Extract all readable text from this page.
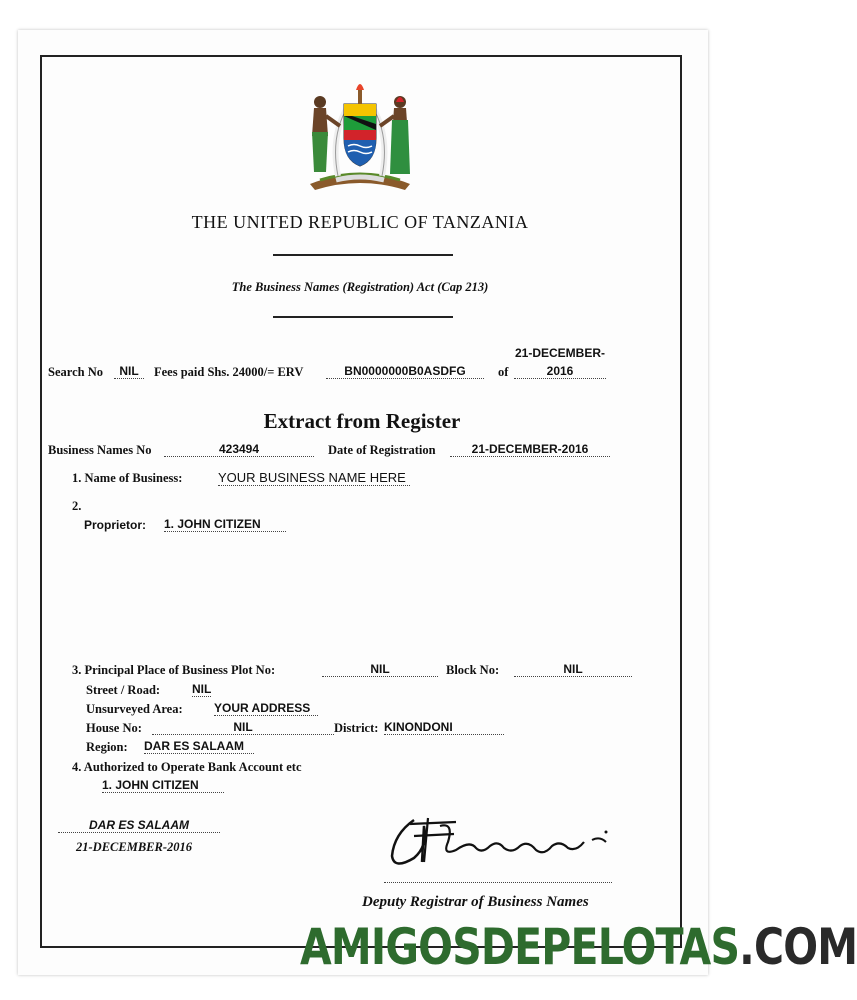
THE UNITED REPUBLIC OF TANZANIA
The Business Names (Registration) Act (Cap 213)
Search No	NIL	Fees paid Shs. 24000/= ERV	BN0000000B0ASDFG	of
21-DECEMBER-
2016
Extract from Register
Business Names No	423494	Date of Registration	21-DECEMBER-2016
1. Name of Business:	YOUR BUSINESS NAME HERE
2.
Proprietor: 1. JOHN CITIZEN
3. Principal Place of Business Plot No:	NIL	Block No:	NIL
Street / Road:	NIL
Unsurveyed Area:	YOUR ADDRESS
House No:	NIL	District: KINONDONI
Region: DAR ES SALAAM
4. Authorized to Operate Bank Account etc
1. JOHN CITIZEN
DAR ES SALAAM
21-DECEMBER-2016
Deputy Registrar of Business Names
AMIGOSDEPELOTAS.COM
